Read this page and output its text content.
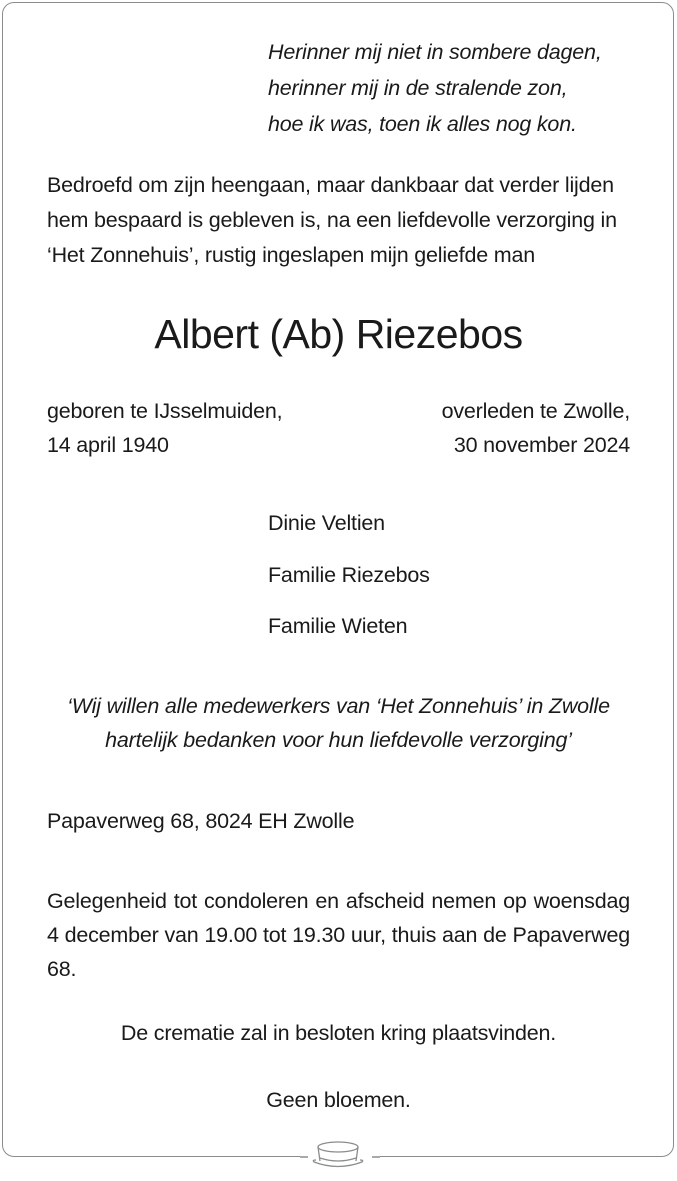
Herinner mij niet in sombere dagen,
herinner mij in de stralende zon,
hoe ik was, toen ik alles nog kon.
Bedroefd om zijn heengaan, maar dankbaar dat verder lijden
hem bespaard is gebleven is, na een liefdevolle verzorging in
‘Het Zonnehuis’, rustig ingeslapen mijn geliefde man
Albert (Ab) Riezebos
geboren te IJsselmuiden,
14 april 1940
overleden te Zwolle,
30 november 2024
Dinie Veltien
Familie Riezebos
Familie Wieten
‘Wij willen alle medewerkers van ‘Het Zonnehuis’ in Zwolle
hartelijk bedanken voor hun liefdevolle verzorging’
Papaverweg 68, 8024 EH Zwolle
Gelegenheid tot condoleren en afscheid nemen op woensdag 4 december van 19.00 tot 19.30 uur, thuis aan de Papaverweg 68.
De crematie zal in besloten kring plaatsvinden.
Geen bloemen.
